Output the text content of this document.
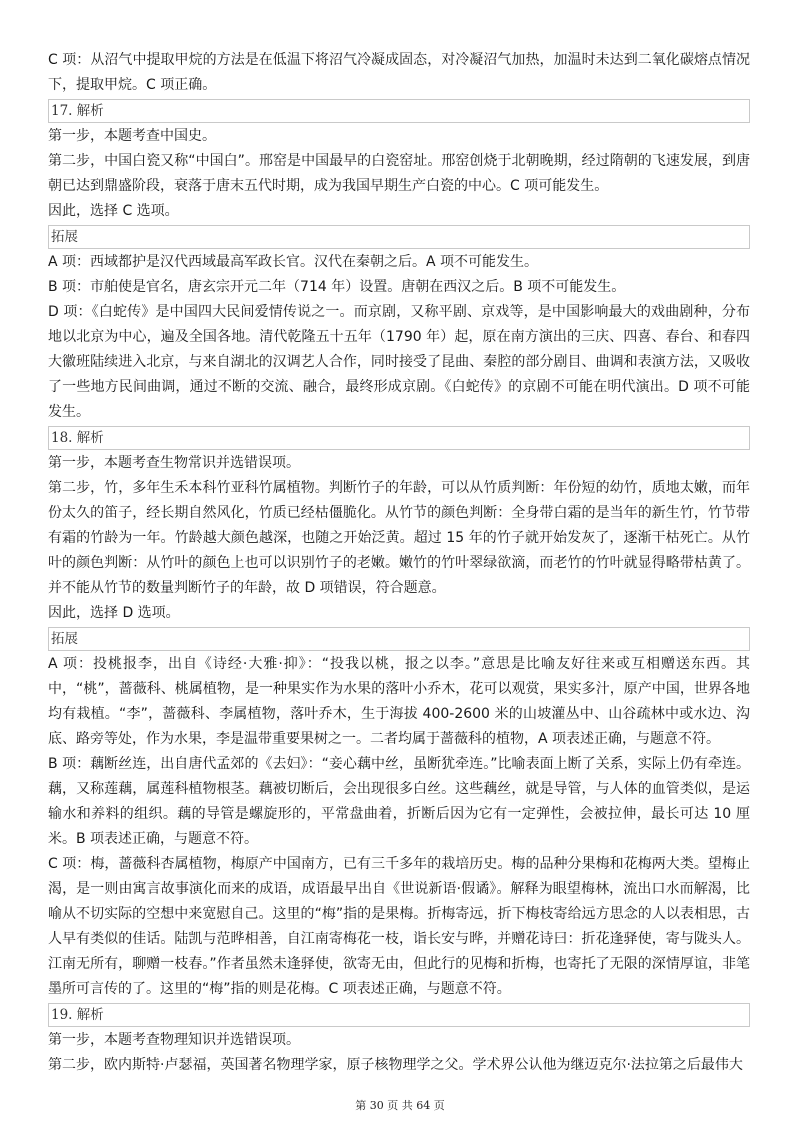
C 项：从沼气中提取甲烷的方法是在低温下将沼气冷凝成固态，对冷凝沼气加热，加温时未达到二氧化碳熔点情况下，提取甲烷。C 项正确。

17. 解析

第一步，本题考查中国史。

第二步，中国白瓷又称“中国白”。邢窑是中国最早的白瓷窑址。邢窑创烧于北朝晚期，经过隋朝的飞速发展，到唐朝已达到鼎盛阶段，衰落于唐末五代时期，成为我国早期生产白瓷的中心。C 项可能发生。

因此，选择 C 选项。

拓展

A 项：西域都护是汉代西域最高军政长官。汉代在秦朝之后。A 项不可能发生。

B 项：市舶使是官名，唐玄宗开元二年（714 年）设置。唐朝在西汉之后。B 项不可能发生。

D 项：《白蛇传》是中国四大民间爱情传说之一。而京剧，又称平剧、京戏等，是中国影响最大的戏曲剧种，分布地以北京为中心，遍及全国各地。清代乾隆五十五年（1790 年）起，原在南方演出的三庆、四喜、春台、和春四大徽班陆续进入北京，与来自湖北的汉调艺人合作，同时接受了昆曲、秦腔的部分剧目、曲调和表演方法，又吸收了一些地方民间曲调，通过不断的交流、融合，最终形成京剧。《白蛇传》的京剧不可能在明代演出。D 项不可能发生。

18. 解析

第一步，本题考查生物常识并选错误项。

第二步，竹，多年生禾本科竹亚科竹属植物。判断竹子的年龄，可以从竹质判断：年份短的幼竹，质地太嫩，而年份太久的笛子，经长期自然风化，竹质已经枯僵脆化。从竹节的颜色判断：全身带白霜的是当年的新生竹，竹节带有霜的竹龄为一年。竹龄越大颜色越深，也随之开始泛黄。超过 15 年的竹子就开始发灰了，逐渐干枯死亡。从竹叶的颜色判断：从竹叶的颜色上也可以识别竹子的老嫩。嫩竹的竹叶翠绿欲滴，而老竹的竹叶就显得略带枯黄了。并不能从竹节的数量判断竹子的年龄，故 D 项错误，符合题意。

因此，选择 D 选项。

拓展

A 项：投桃报李，出自《诗经·大雅·抑》：“投我以桃，报之以李。”意思是比喻友好往来或互相赠送东西。其中，“桃”，蔷薇科、桃属植物，是一种果实作为水果的落叶小乔木，花可以观赏，果实多汁，原产中国，世界各地均有栽植。“李”，蔷薇科、李属植物，落叶乔木，生于海拔 400-2600 米的山坡灌丛中、山谷疏林中或水边、沟底、路旁等处，作为水果，李是温带重要果树之一。二者均属于蔷薇科的植物，A 项表述正确，与题意不符。

B 项：藕断丝连，出自唐代孟郊的《去妇》：“妾心藕中丝，虽断犹牵连。”比喻表面上断了关系，实际上仍有牵连。藕，又称莲藕，属莲科植物根茎。藕被切断后，会出现很多白丝。这些藕丝，就是导管，与人体的血管类似，是运输水和养料的组织。藕的导管是螺旋形的，平常盘曲着，折断后因为它有一定弹性，会被拉伸，最长可达 10 厘米。B 项表述正确，与题意不符。

C 项：梅，蔷薇科杏属植物，梅原产中国南方，已有三千多年的栽培历史。梅的品种分果梅和花梅两大类。望梅止渴，是一则由寓言故事演化而来的成语，成语最早出自《世说新语·假谲》。解释为眼望梅林，流出口水而解渴，比喻从不切实际的空想中来宽慰自己。这里的“梅”指的是果梅。折梅寄远，折下梅枝寄给远方思念的人以表相思，古人早有类似的佳话。陆凯与范晔相善，自江南寄梅花一枝，诣长安与晔，并赠花诗曰：折花逢驿使，寄与陇头人。江南无所有，聊赠一枝春。”作者虽然未逢驿使，欲寄无由，但此行的见梅和折梅，也寄托了无限的深情厚谊，非笔墨所可言传的了。这里的“梅”指的则是花梅。C 项表述正确，与题意不符。

19. 解析

第一步，本题考查物理知识并选错误项。

第二步，欧内斯特·卢瑟福，英国著名物理学家，原子核物理学之父。学术界公认他为继迈克尔·法拉第之后最伟大

第 30 页 共 64 页
